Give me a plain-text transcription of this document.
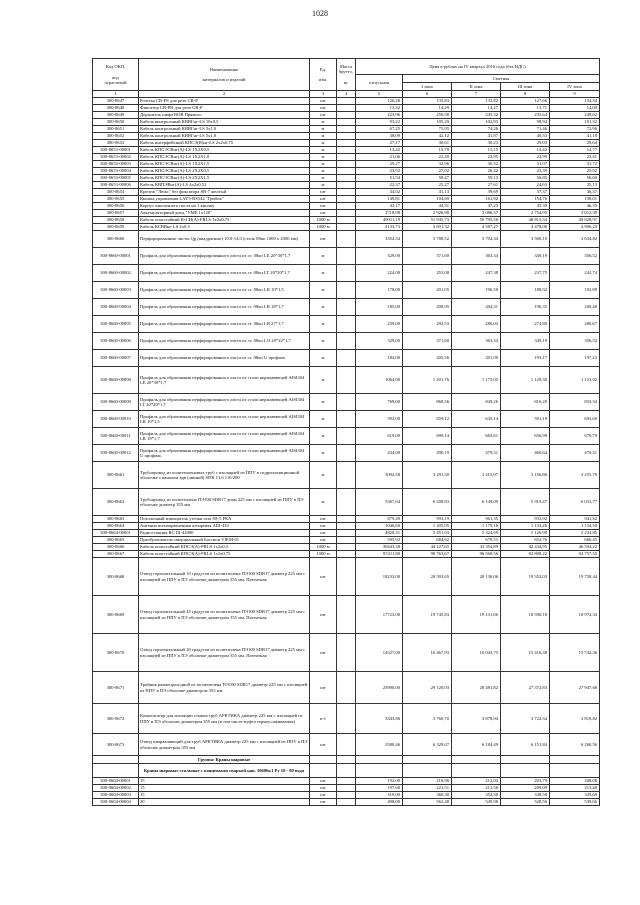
1028
Код ОКП,

код
отраслевой	Наименование

материалов и изделий	Ед.

изм.	Масса
брутто,

кг	Цена в рублях на IV квартал 2016 года (без НДС)				
				отпускная	Сметная			
					I зона	II зона	III зона	IV зона
1	2	3	4	5	6	7	8	9
300-8647	Розетка CR-PS для реле CR-P	шт		126,28	135,83	132,82	127,66	134,34
300-8648	Фиксатор CR-PH для реле CR-P	шт		13,32	14,29	14,27	13,71	14,00
300-8649	Держатель шкфа ВОВ Прямого	шт		223,96	250,58	245,32	235,64	249,62
300-8650	Кабель контрольный КВВГнг-LS 10х0,5	м		93,22	105,29	102,93	98,94	101,32
300-8651	Кабель контрольный КВВГнг-LS 5х1,0	м		67,25	75,95	74,26	71,46	72,96
300-8652	Кабель контрольный КВВГнг-LS 5х1,0	м		38,09	42,12	41,97	40,33	41,18
300-8653	Кабель интерфейсный КПСЭ(В)нг-LS 2х2х0,75	м		27,17	30,61	30,23	29,03	29,64
300-8653-00001	Кабель КПСЭСВнг(А)-LS 1Х2Х0,5	м		13,42	15,79	15,15	14,42	14,77
300-8653-00002	Кабель КПСЭСВнг(А)-LS 1Х2Х1,0	м		21,06	23,49	23,85	22,99	23,41
300-8653-00003	Кабель КПСЭСВнг(А)-LS 1Х2Х1,5	м		29,27	32,96	30,32	31,07	31,72
300-8653-00004	Кабель КПСЭСВнг(А)-LS 2Х2Х0,5	м		23,92	27,02	26,42	25,39	25,92
300-8653-00005	Кабель КПСЭСВнг(А)-LS 2Х2Х1,5	м		51,54	58,47	59,13	56,85	56,60
300-8653-00006	Кабель КВПЭВнг(А)-LS 4х2х0,52	м		22,37	25,27	27,61	24,63	25,13
300-8654	Крепеж "Люкс" без фиксатора SB-7 желтый	шт		34,02	41,13	39,69	37,37	36,37
300-8655	Кнопка управления LAY5-BS542 "Грибок"	шт		149,81	104,69	161,92	154,76	158,01
300-8656	Корпус кнопочного поста на 1 кнопку	шт		42,17	44,31	47,23	45,39	46,35
300-8657	Аккумуляторный диод "УМЕ 1х120"	шт		2718,98	2 926,90	3 086,37	2 754,95	3 012,39
300-8658	Кабель огнестойкий КсСН(А)-FRLS 1х2х0,75	1000 м		49011,19	51 945,73	50 795,56	48 815,34	49 828,91
300-8659	Кабель КСВВнг-LS 2х0,5	1000 м		4133,73	4 691,32	4 587,27	4 478,06	4 906,23
300-8660	Перфорированные листы Qg (квадратные) 10,0-14,0 (сталь 08кп 1000 х 2000 мм)	шт		3354,34	3 788,52	3 704,34	3 560,10	3 634,82
300-8660-00001	Профиль для образования перфорированного листа из ст. 08кп LE 20*30*1,7	м		329,00	371,60	363,34	349,19	356,52
300-8660-00002	Профиль для образования перфорированного листа из ст. 08кп LT 20*20*1,7	м		224,00	253,00	247,38	237,75	242,74
300-8660-00003	Профиль для образования перфорированного листа из ст. 08кп LR 10*1,5	м		178,00	201,05	196,58	188,92	192,89
300-8660-00004	Профиль для образования перфорированного листа из ст. 08кп LR 18*1,7	м		185,00	208,95	204,31	196,35	200,48
300-8660-00005	Профиль для образования перфорированного листа из ст. 08кп LR 27*1,7	м		259,00	292,53	286,03	274,89	280,67
300-8660-00006	Профиль для образования перфорированного листа из ст. 08кп LO 20*22*1,7	м		329,00	371,60	363,34	349,19	356,52
300-8660-00007	Профиль для образования перфорированного листа из ст. 08кп U профиль	м		182,00	205,56	201,00	193,17	197,23
300-8660-00008	Профиль для образования перфорированного листа из стали нержавеющей AISI304 LE 20*30*1,7	м		1064,00	1 201,76	1 175,05	1 129,30	1 153,02
300-8660-00009	Профиль для образования перфорированного листа из стали нержавеющей AISI304 LT 20*20*1,7	м		769,00	868,56	849,26	816,20	833,34
300-8660-00010	Профиль для образования перфорированного листа из стали нержавеющей AISI304 LR 10*1,5	м		592,00	659,12	645,14	591,19	603,60
300-8660-00011	Профиль для образования перфорированного листа из стали нержавеющей AISI304 LR 18*1,7	м		619,00	699,14	683,61	656,99	670,79
300-8660-00012	Профиль для образования перфорированного листа из стали нержавеющей AISI304 U профиль	м		434,00	490,19	479,31	460,64	470,31
300-8661	Трубопровод из полиэтиленовых труб с изоляцией из ППУ в гидроизоляционной оболочке с каналом вдв (лвиной) SDR 13,6 110/200	м		3092,58	3 291,30	3 215,97	3 156,86	3 255,79
300-8662	Трубопровод из полиэтилена ПЭ100 SDR17 диам 225 мм с изоляцией из ППУ в ПЭ оболочке диаметр 355 мм	м		5367,64	6 208,83	6 149,09	5 919,47	6 033,77
300-8663	Потолочный извещатель утечки газа SS-5 РКА	шт		879,49	993,19	961,35	933,92	941,32
300-8664	Антенна всенаправленная штыревая АШ-433	шт		1046,60	1 205,95	1 179,16	1 133,26	1 154,50
300-8664-00001	Радиостанция RC III-42000	шт		4820,31	5 451,93	5 324,69	5 126,98	5 234,85
300-8665	Преобразователь инерциальный Бастион VIEM-01	шт		595,92	684,62	679,51	652,76	666,45
300-8666	Кабель огнестойкий КПСЭ(А)-FRLS 1х2х0,5	1000 м		39443,38	44 227,65	43 354,89	42 434,95	46 594,22
300-8667	Кабель огнестойкий КПСЭ(А)-FRLS 1х2х0,75	1000 м		87411,80	98 763,67	96 568,56	92 808,22	94 757,55
300-8668	Отвод горизонтальный 10 градусов из полиэтилена ПЭ100 SDR17 диаметр 225 мм с изоляцией из ППУ в ПЭ оболочке диаметром 355 мм. Патентная	шт		18232,00	20 593,65	20 136,06	19 352,03	19 758,44
300-8669	Отвод горизонтальный 45 градусов из полиэтилена ПЭ100 SDR17 диаметр 225 мм с изоляцией из ППУ в ПЭ оболочке диаметром 355 мм. Патентная	шт		17723,00	19 745,83	19 131,66	18 596,18	18 972,34
300-8670	Отвод горизонтальный 20 градусов из полиэтилена ПЭ100 SDR17 диаметр 225 мм с изоляцией из ППУ в ПЭ оболочке диаметром 355 мм. Патентная	шт		14527,00	16 467,93	16 043,73	15 416,38	15 742,36
300-8671	Тройник равнопроходной из полиэтилена ПЭ100 SDR17 диаметр 225 мм с изоляцией из ППУ в ПЭ оболочке диаметром 355 мм	шт		25990,00	29 120,03	28 481,82	27 372,83	27 947,68
300-8672	Компенсатор для изоляции стыков труб АРКТИКА диаметр 225 мм с изоляцией из ППУ в ПЭ оболочке диаметром 355 мм (в том числе муфта термоусаживаемая)	к-т		3343,86	3 760,70	3 878,94	3 722,34	3 819,82
300-8673	Отвод направляющий для труб АРКТИКА диаметр 225 мм с изоляцией из ППУ в ПЭ оболочке диаметром 355 мм	шт		5580,46	6 329,67	6 184,49	6 151,84	6 260,56
	Группа: Краны шаровые							
	Краны шаровые стальные с концевыми сваркой цап. 10686к1 Ру 10 - 80 вода							
300-0604-00001	15	шт		192,00	216,96	212,04	203,79	208,08
300-0604-00002	15	шт		197,60	221,51	212,56	209,09	213,48
300-0604-00003	15	шт		319,00	360,30	352,30	338,58	345,69
300-0604-00004	20	шт		498,00	562,48	549,98	528,56	539,66
